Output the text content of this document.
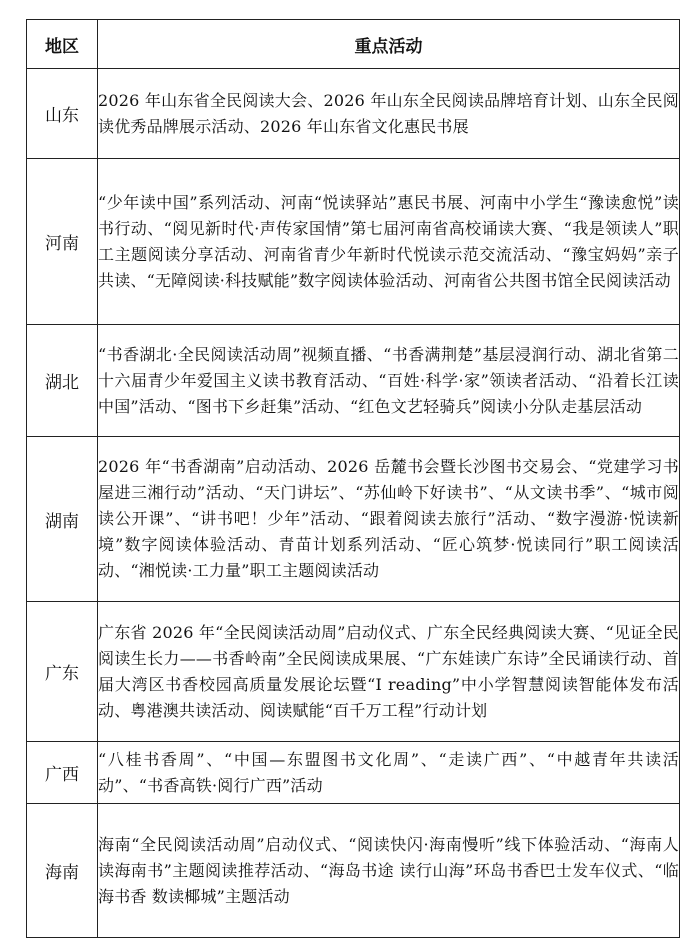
地区	重点活动
山东	2026 年山东省全民阅读大会、2026 年山东全民阅读品牌培育计划、山东全民阅读优秀品牌展示活动、2026 年山东省文化惠民书展
河南	“少年读中国”系列活动、河南“悦读驿站”惠民书展、河南中小学生“豫读愈悦”读书行动、“阅见新时代·声传家国情”第七届河南省高校诵读大赛、“我是领读人”职工主题阅读分享活动、河南省青少年新时代悦读示范交流活动、“豫宝妈妈”亲子共读、“无障阅读·科技赋能”数字阅读体验活动、河南省公共图书馆全民阅读活动
湖北	“书香湖北·全民阅读活动周”视频直播、“书香满荆楚”基层浸润行动、湖北省第二十六届青少年爱国主义读书教育活动、“百姓·科学·家”领读者活动、“沿着长江读中国”活动、“图书下乡赶集”活动、“红色文艺轻骑兵”阅读小分队走基层活动
湖南	2026 年“书香湖南”启动活动、2026 岳麓书会暨长沙图书交易会、“党建学习书屋进三湘行动”活动、“天门讲坛”、“苏仙岭下好读书”、“从文读书季”、“城市阅读公开课”、“讲书吧！少年”活动、“跟着阅读去旅行”活动、“数字漫游·悦读新境”数字阅读体验活动、青苗计划系列活动、“匠心筑梦·悦读同行”职工阅读活动、“湘悦读·工力量”职工主题阅读活动
广东	广东省 2026 年“全民阅读活动周”启动仪式、广东全民经典阅读大赛、“见证全民阅读生长力——书香岭南”全民阅读成果展、“广东娃读广东诗”全民诵读行动、首届大湾区书香校园高质量发展论坛暨“I reading”中小学智慧阅读智能体发布活动、粤港澳共读活动、阅读赋能“百千万工程”行动计划
广西	“八桂书香周”、“中国—东盟图书文化周”、“走读广西”、“中越青年共读活动”、“书香高铁·阅行广西”活动
海南	海南“全民阅读活动周”启动仪式、“阅读快闪·海南慢听”线下体验活动、“海南人读海南书”主题阅读推荐活动、“海岛书途 读行山海”环岛书香巴士发车仪式、“临海书香 数读椰城”主题活动
